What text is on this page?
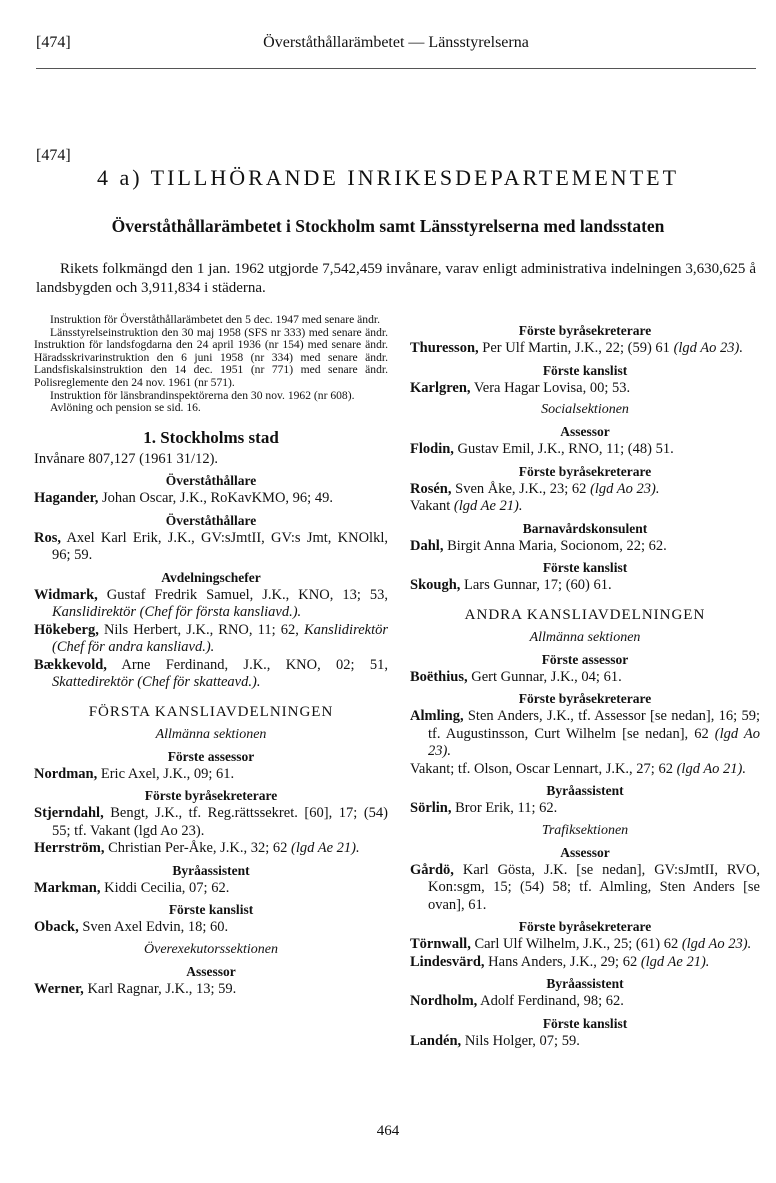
[474]	Överståthållarämbetet — Länsstyrelserna
[474]
4 a) TILLHÖRANDE INRIKESDEPARTEMENTET
Överståthållarämbetet i Stockholm samt Länsstyrelserna med landsstaten
Rikets folkmängd den 1 jan. 1962 utgjorde 7,542,459 invånare, varav enligt administrativa indelningen 3,630,625 å landsbygden och 3,911,834 i städerna.
Instruktion för Överståthållarämbetet den 5 dec. 1947 med senare ändr.
Länsstyrelseinstruktion den 30 maj 1958 (SFS nr 333) med senare ändr. Instruktion för landsfogdarna den 24 april 1936 (nr 154) med senare ändr. Häradsskrivarinstruktion den 6 juni 1958 (nr 334) med senare ändr. Landsfiskalsinstruktion den 14 dec. 1951 (nr 771) med senare ändr. Polisreglemente den 24 nov. 1961 (nr 571).
Instruktion för länsbrandinspektörerna den 30 nov. 1962 (nr 608).
Avlöning och pension se sid. 16.
1. Stockholms stad
Invånare 807,127 (1961 31/12).
Överståthållare
Hagander, Johan Oscar, J.K., RoKavKMO, 96; 49.
Överståthållare
Ros, Axel Karl Erik, J.K., GV:sJmtII, GV:s Jmt, KNOlkl, 96; 59.
Avdelningschefer
Widmark, Gustaf Fredrik Samuel, J.K., KNO, 13; 53, Kanslidirektör (Chef för första kansliavd.).
Hökeberg, Nils Herbert, J.K., RNO, 11; 62, Kanslidirektör (Chef för andra kansliavd.).
Bækkevold, Arne Ferdinand, J.K., KNO, 02; 51, Skattedirektör (Chef för skatteavd.).
FÖRSTA KANSLIAVDELNINGEN
Allmänna sektionen
Förste assessor
Nordman, Eric Axel, J.K., 09; 61.
Förste byråsekreterare
Stjerndahl, Bengt, J.K., tf. Reg.rättssekret. [60], 17; (54) 55; tf. Vakant (lgd Ao 23).
Herrström, Christian Per-Åke, J.K., 32; 62 (lgd Ae 21).
Byråassistent
Markman, Kiddi Cecilia, 07; 62.
Förste kanslist
Oback, Sven Axel Edvin, 18; 60.
Överexekutorssektionen
Assessor
Werner, Karl Ragnar, J.K., 13; 59.
Förste byråsekreterare
Thuresson, Per Ulf Martin, J.K., 22; (59) 61 (lgd Ao 23).
Förste kanslist
Karlgren, Vera Hagar Lovisa, 00; 53.
Socialsektionen
Assessor
Flodin, Gustav Emil, J.K., RNO, 11; (48) 51.
Förste byråsekreterare
Rosén, Sven Åke, J.K., 23; 62 (lgd Ao 23).
Vakant (lgd Ae 21).
Barnavårdskonsulent
Dahl, Birgit Anna Maria, Socionom, 22; 62.
Förste kanslist
Skough, Lars Gunnar, 17; (60) 61.
ANDRA KANSLIAVDELNINGEN
Allmänna sektionen
Förste assessor
Boëthius, Gert Gunnar, J.K., 04; 61.
Förste byråsekreterare
Almling, Sten Anders, J.K., tf. Assessor [se nedan], 16; 59; tf. Augustinsson, Curt Wilhelm [se nedan], 62 (lgd Ao 23).
Vakant; tf. Olson, Oscar Lennart, J.K., 27; 62 (lgd Ao 21).
Byråassistent
Sörlin, Bror Erik, 11; 62.
Trafiksektionen
Assessor
Gårdö, Karl Gösta, J.K. [se nedan], GV:sJmtII, RVO, Kon:sgm, 15; (54) 58; tf. Almling, Sten Anders [se ovan], 61.
Förste byråsekreterare
Törnwall, Carl Ulf Wilhelm, J.K., 25; (61) 62 (lgd Ao 23).
Lindesvärd, Hans Anders, J.K., 29; 62 (lgd Ae 21).
Byråassistent
Nordholm, Adolf Ferdinand, 98; 62.
Förste kanslist
Landén, Nils Holger, 07; 59.
464
